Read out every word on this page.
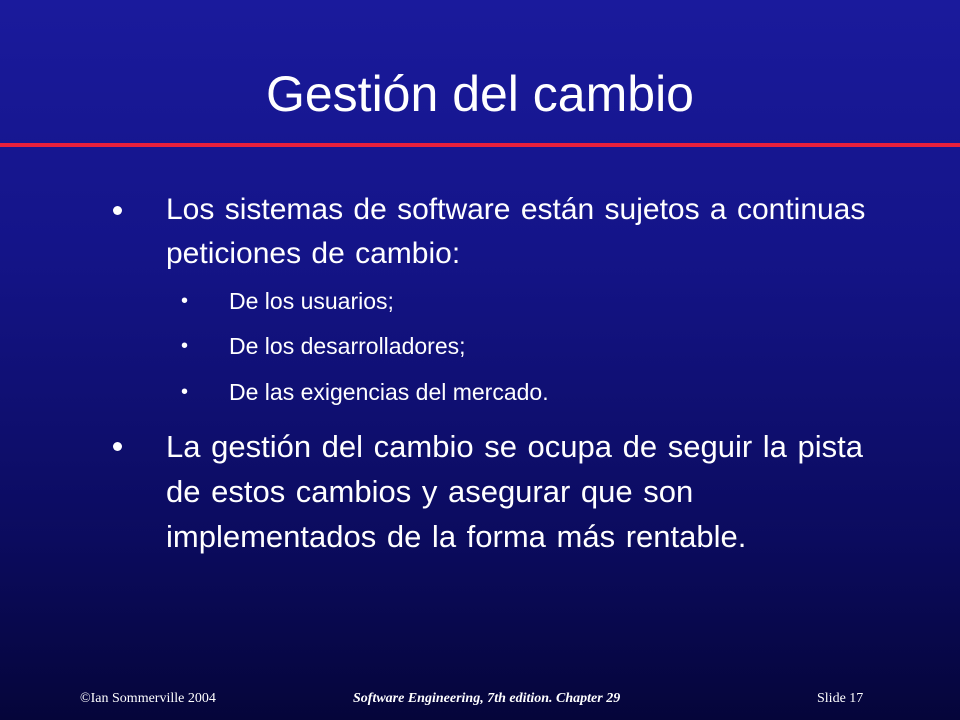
Gestión del cambio
Los sistemas de software están sujetos a continuas peticiones de cambio:
• De los usuarios;
• De los desarrolladores;
• De las exigencias del mercado.
La gestión del cambio se ocupa de seguir la pista de estos cambios y asegurar que son implementados de la forma más rentable.
©Ian Sommerville 2004	Software Engineering, 7th edition. Chapter 29	Slide 17
